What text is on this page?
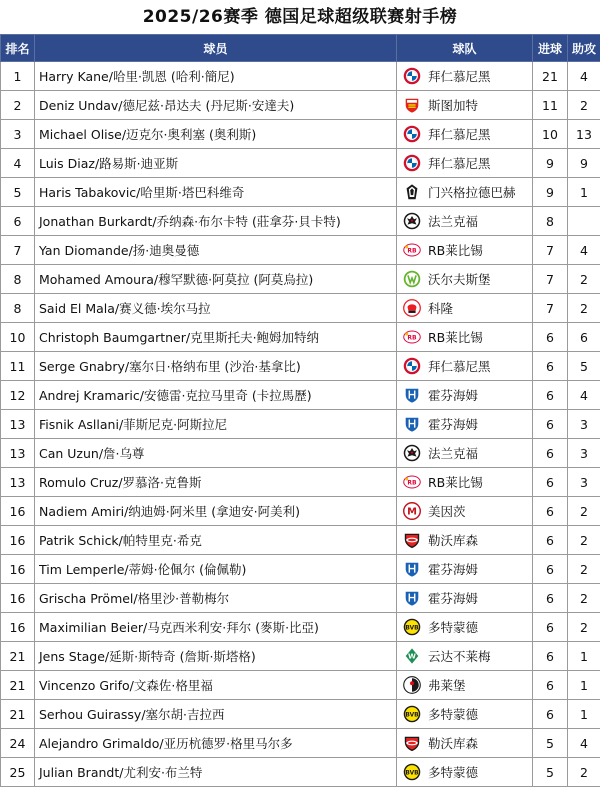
2025/26赛季 德国足球超级联赛射手榜
排名	球员	球队	进球	助攻
1	Harry Kane/哈里·凯恩 (哈利·簡尼)	拜仁慕尼黑	21	4
2	Deniz Undav/德尼兹·昂达夫 (丹尼斯·安達夫)	斯图加特	11	2
3	Michael Olise/迈克尔·奥利塞 (奥利斯)	拜仁慕尼黑	10	13
4	Luis Diaz/路易斯·迪亚斯	拜仁慕尼黑	9	9
5	Haris Tabakovic/哈里斯·塔巴科维奇	门兴格拉德巴赫	9	1
6	Jonathan Burkardt/乔纳森·布尔卡特 (莊拿芬·貝卡特)	法兰克福	8	
7	Yan Diomande/扬·迪奥曼德	RB RB莱比锡	7	4
8	Mohamed Amoura/穆罕默德·阿莫拉 (阿莫烏拉)	沃尔夫斯堡	7	2
8	Said El Mala/赛义德·埃尔马拉	科隆	7	2
10	Christoph Baumgartner/克里斯托夫·鲍姆加特纳	RB RB莱比锡	6	6
11	Serge Gnabry/塞尔日·格纳布里 (沙治·基拿比)	拜仁慕尼黑	6	5
12	Andrej Kramaric/安德雷·克拉马里奇 (卡拉馬歷)	霍芬海姆	6	4
13	Fisnik Asllani/菲斯尼克·阿斯拉尼	霍芬海姆	6	3
13	Can Uzun/詹·乌尊	法兰克福	6	3
13	Romulo Cruz/罗慕洛·克鲁斯	RB RB莱比锡	6	3
16	Nadiem Amiri/纳迪姆·阿米里 (拿迪安·阿美利)	M 美因茨	6	2
16	Patrik Schick/帕特里克·希克	勒沃库森	6	2
16	Tim Lemperle/蒂姆·伦佩尔 (倫佩勒)	霍芬海姆	6	2
16	Grischa Prömel/格里沙·普勒梅尔	霍芬海姆	6	2
16	Maximilian Beier/马克西米利安·拜尔 (麥斯·比亞)	BVB 多特蒙德	6	2
21	Jens Stage/延斯·斯特奇 (詹斯·斯塔格)	W 云达不莱梅	6	1
21	Vincenzo Grifo/文森佐·格里福	弗莱堡	6	1
21	Serhou Guirassy/塞尔胡·吉拉西	BVB 多特蒙德	6	1
24	Alejandro Grimaldo/亚历杭德罗·格里马尔多	勒沃库森	5	4
25	Julian Brandt/尤利安·布兰特	BVB 多特蒙德	5	2
